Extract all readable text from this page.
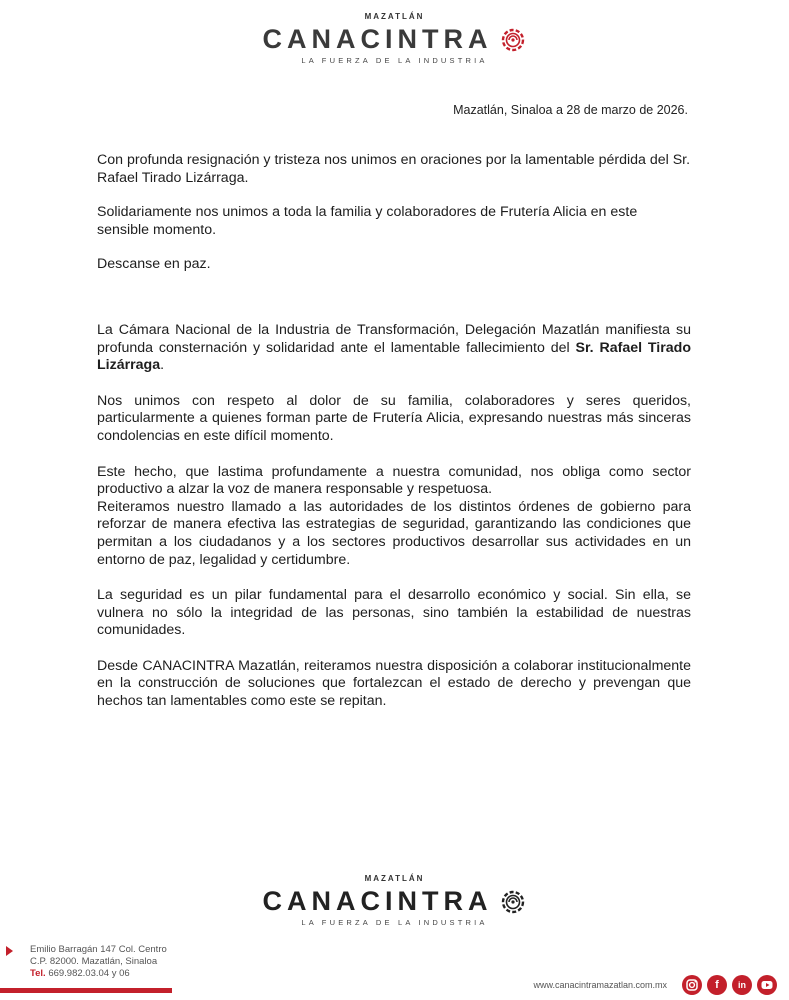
MAZATLÁN
CANACINTRA
LA FUERZA DE LA INDUSTRIA
Mazatlán, Sinaloa a 28 de marzo de 2026.

Con profunda resignación y tristeza nos unimos en oraciones por la lamentable pérdida del Sr. Rafael Tirado Lizárraga.

Solidariamente nos unimos a toda la familia y colaboradores de Frutería Alicia en este sensible momento.

Descanse en paz.

La Cámara Nacional de la Industria de Transformación, Delegación Mazatlán manifiesta su profunda consternación y solidaridad ante el lamentable fallecimiento del Sr. Rafael Tirado Lizárraga.

Nos unimos con respeto al dolor de su familia, colaboradores y seres queridos, particularmente a quienes forman parte de Frutería Alicia, expresando nuestras más sinceras condolencias en este difícil momento.

Este hecho, que lastima profundamente a nuestra comunidad, nos obliga como sector productivo a alzar la voz de manera responsable y respetuosa.

Reiteramos nuestro llamado a las autoridades de los distintos órdenes de gobierno para reforzar de manera efectiva las estrategias de seguridad, garantizando las condiciones que permitan a los ciudadanos y a los sectores productivos desarrollar sus actividades en un entorno de paz, legalidad y certidumbre.

La seguridad es un pilar fundamental para el desarrollo económico y social. Sin ella, se vulnera no sólo la integridad de las personas, sino también la estabilidad de nuestras comunidades.

Desde CANACINTRA Mazatlán, reiteramos nuestra disposición a colaborar institucionalmente en la construcción de soluciones que fortalezcan el estado de derecho y prevengan que hechos tan lamentables como este se repitan.

MAZATLÁN
CANACINTRA
LA FUERZA DE LA INDUSTRIA
Emilio Barragán 147 Col. Centro
C.P. 82000. Mazatlán, Sinaloa
Tel. 669.982.03.04 y 06
www.canacintramazatlan.com.mx	f	in
